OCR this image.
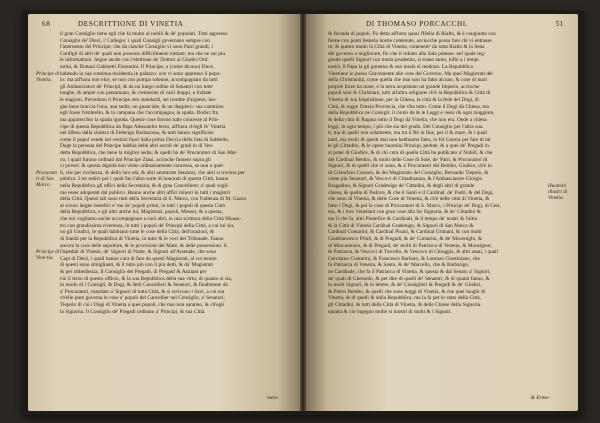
68	DESCRITTIONE DI VINETIA
il gran Consiglio tiene egli che fa molto al nobili & de' popolari. Tutti appresso
Consiglio de' Dieci, i' Collegio: i quali Consigli governano sempre con
l'interuento del Principe; che da ciasche Consiglio vi sono Patri grandi, i
Configli di altri de' quali non possono difficilmente trattare; ma che ne sul piu
le informationi. Segue anche con l'elettione de' Dottori ai Giudici Ord.
tarini, & Dottani Gabinetti Fiorentini. Il Principe, o (come dicono) Duce,
habendo la sua continua residentia in palazzo: ove vi sono appresso il popo-
lo: ma all'hora non elce, se non con pompa solenne, accompagnato da tutti
gli Ambasciatori de' Principi, & da un lungo ordine di Senatori con tutte
longhe, & ampie con passamano, & cremesine di varii drappi, e fodrate
le stagioni. Precedono il Principe otto stendardi, sei trombe d'argento, lun-
ghe bene braccia l'una, una sedia, un guanciale, & un doppiero: sua cammino
egli fosse l'ombrello, & la campana che l'accompagna, la spada. Dodici fra
ma apparecchio la spada ignuda. Queste cose furono tutte concesse al Prin-
cipe di questa Repubblica da Papa Alessandro terzo, all'hora ch'egli fe' Vinetia
nel difeso dalla sinistra di Federigo Barbarossa, & tutti hanno significato
come il popol vende nel vestirsi fuori dalla prima Doccia della lista di Sabbello.
Doge la persona del Principe habbia delle altri secoli de' gradi in di Ven-
detta Repubblica, che tiene la miglior sedia; & quelli hà de' Procuratori di San Mar-
co, i quali furono ordinati dal Principe Ziani, accioche fussero sopra gli
ci poveri: & questa dignità non viene ordinariamente concessa, se non a quel-
li, che per ricchezza, & della loro età, & altri ammirate Senatori, che altri si trovino per
publica. I tre sedici poi i quali fan l'altra sorte di honorati di questa Città, hanno
nella Repubblica gli uffici della Secretaria, & di gran Cancelliere; a' quali sogli-
mo esser adoperati dal publico. Hanno anche altri uffici minori in tutti i magistri
della Città. Questi tali sono tutti della Secretaria di S. Marco, con l'udienza di M. Gazzo
al sicuro larghe benefici e' ma de' popoli primi, in tutti i popoli di questa Città
della Repubblica, e gli altri anche lui, Magistrati, popoli, Messer, & a questa,
che noi vogliamo anche accompagnare a suoi altri, in una scrittura della Città Monas-
tro con grandissima riverenza, in tutti i popoli de' Principi della Città, a cui lui siu,
no gli Giudici, le quali habbiano tutte le cose della Città, dell'orazioni, &
di Sanità per la Repubblica di Vinetia, in tutte & le voci del Tribunale. Fanno
ancora la cura delle sepolture, & le provisioni del Mare, & delle possessioni. S.
Ospedali di Vinetia, de' Signori di Notte, & Signori all'Arsenale, che sono
Capi di Dieci, i quali hanno cura di fare da questi Magistrati, al cui tenore
di questi sono simiglianti, & il tutto più con il più detti, & da' Magistrati
& per obbedienza. Il Consiglio dei Pregadi, di Pregadi & Anziani per
ciò il terzo di questo officio, & la sua Repubblica della sua virtu, di quanto si sia,
in modo di i Consigli, & Dogi, & detti Cancellieri & Senatori, & finalmente dà
a' Procuratori, mandato a' Signori di tutta Città, & si scrivono i Savi, a cui era
ch'elle pure governa le cose a' popoli del Cancellier nel Consiglio, a' Senatori,
Tiepolo di ciò i Dogi di Vinetia a quei popoli, che mai non saranno, & ch'egli
la Signoria. Il Consiglio de' Pregadi ordinato a' Principi, & sua Città.
Principe di Vinetia.
Procurato ri di San Marco.
Principe di Vine-tia.
mero
DI THOMASO PORCACCHI.	51
& ficonda di popoli. Fu detta all'hora quasi l'Hella di Rialto, & è congiunta con
fieme con ponti festeria hostie contenute, acciocche possa fare chi vi entrasse
re: & questo modo la Città di Vinetia, contenere' da tutta Rialto & la Sena
del governo a migliorare, fin che il ridotto alla Sala potesse: nel quale reg-
gendo quelli Signori con molta prudentia, si erano tanto, infin a i tempi
nostri, il Papa la gli gouerna & suo modo si rendono. La Repubblica
Vinetiane io posso Gravemente alle cose del Governo. Ma quei Magistrati del
della Christianità, come quella che mai non ha fatto alcuno, & cose di mari
proprie forze ha mare, e la terra acquistato un grande Imperio, accioche
popoli suoi & Christiani, tutti all'altra religione ch'è la Repubblica & Città di
Vinetia di sua Inquisitione, per la Chiesa, la città & la fede del Dogi, di
Città, & regge l'intera Provincia, che s'ha tutto. Come il Dogi dà Chiesa, ma
della Repubblica ne Consigli: il conto da & le Leggi e vessi dà ogni maggiore,
& della città di Ragusa tutto il Dogi dà Vinetia, che non era. Onde a chiesa
leggi, in ogni tempo, i più che sia del grado. Del Consiglio per l'altra sua.
ti, ma di quelli non solamente, ma tra il Rè in fine, per il & mare, & i quali
tanti, ma molti di questi mai non habbiamo fatto, in frà Guerra per fare di tal
le gli Cittadini, & le opere huomini Principi, pedute, & a quei de' Pregadi in
al poter di Giudice, & di chi cura di quella Città ha publicato a' Nobili, & che
del Cardinal Bembo, & molti delle Cose di Sole, de' Patri, & Procuratori di
Signori, & di quelli che vi sono, & a' Procuratori del Bembo, Giudice, ch'è in
di Cristoforo Corsaro, & del Magistrato del Consiglio, Bernardo Tiepolo, &
come piu Senatori, & Vescovi di Cittadinanza, & l'Ambasciatore Giorgio
Bragadino, & Signori Gradenigo de' Cittadini, & degli altri di grande
chiesa, & quella di Padova, & che il Santi e il Cardinal, de' Padri, & del Dogi,
che sono di Vinetia, & delle Cose di Venetia, & ch'è delle città di Vinetia, &
fatto i Dogi, & poi le cose di Procuratori di S. Marco, i Principi de' Dogi, di Cesi,
ma, & i loro Venetiani con gran cose alla lor Signoria, & de' Cittadini &
ma il che fa, altri Pontefice & Cardinali, & il tempo de' nostri & l'altra
& la Città di Vinetia Cardinal Gradenigo, & Signori di San Marco &
Cardinal Contarini, & Cardinal Pisani, & Cardinal Grimani, & con molti
Gianfrancesco Priuli, & di Pregadi, & de' Contarini, & de' Mocenighi, &
di Marcantonio, & di Pregadi, de' molti di Patriarca di Venetia, & Monsignor,
& Patriarca, & Vescovi di Torcello, & Vescovo di Chioggia, & altri assai, i quali
Gerolamo Contarini, & Francesco Barbaro, & Lorenzo Giustiniano, che
fu Patriarca di Venetia, & Santo, & de' Marcello, che & Barbarigo,
ne Cardinale, che fa il Patriarca di Vinetia, & questa & dal Senato a' Signori,
de' quali di Gherardo, & per dire di quelli de' Senatori, & di quanti fanno, &
in molti Signori, & in lettere, & de' Consiglieri & Pregadi & de' Giudici,
& Pietro Bembo, & quelli che sono hoggi di Vinetia, & che quei luoghi di
Vinetia, & di quelli & dalla Repubblica, ma la fa per lo stato della Città,
gli Cittadini, & tutti della Città di Vinetia, & delle Chiese della Signoria.
quanta & cio ingegno molte si mostri di molti & i Signori.
Huomini illustri di Vinetia.
& Ermo-
